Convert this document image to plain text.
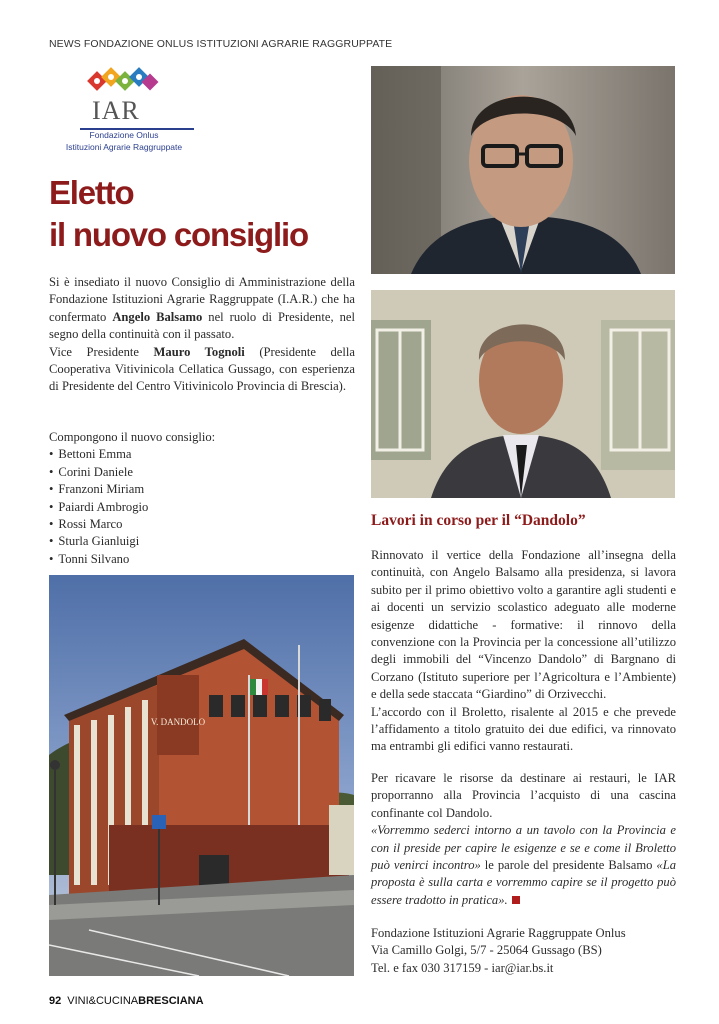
NEWS FONDAZIONE ONLUS ISTITUZIONI AGRARIE RAGGRUPPATE
IAR
Fondazione Onlus
Istituzioni Agrarie Raggruppate
Eletto
il nuovo consiglio

Si è insediato il nuovo Consiglio di Amministrazione della Fondazione Istituzioni Agrarie Raggruppate (I.A.R.) che ha confermato Angelo Balsamo nel ruolo di Presidente, nel segno della continuità con il passato.

Vice Presidente Mauro Tognoli (Presidente della Cooperativa Vitivinicola Cellatica Gussago, con esperienza di Presidente del Centro Vitivinicolo Provincia di Brescia).

Compongono il nuovo consiglio:
• Bettoni Emma
• Corini Daniele
• Franzoni Miriam
• Paiardi Ambrogio
• Rossi Marco
• Sturla Gianluigi
• Tonni Silvano
Lavori in corso per il “Dandolo”

Rinnovato il vertice della Fondazione all’insegna della continuità, con Angelo Balsamo alla presidenza, si lavora subito per il primo obiettivo volto a garantire agli studenti e ai docenti un servizio scolastico adeguato alle moderne esigenze didattiche - formative: il rinnovo della convenzione con la Provincia per la concessione all’utilizzo degli immobili del “Vincenzo Dandolo” di Bargnano di Corzano (Istituto superiore per l’Agricoltura e l’Ambiente) e della sede staccata “Giardino” di Orzivecchi.

L’accordo con il Broletto, risalente al 2015 e che prevede l’affidamento a titolo gratuito dei due edifici, va rinnovato ma entrambi gli edifici vanno restaurati.

Per ricavare le risorse da destinare ai restauri, le IAR proporranno alla Provincia l’acquisto di una cascina confinante col Dandolo.

«Vorremmo sederci intorno a un tavolo con la Provincia e con il preside per capire le esigenze e se e come il Broletto può venirci incontro» le parole del presidente Balsamo «La proposta è sulla carta e vorremmo capire se il progetto può essere tradotto in pratica».

Fondazione Istituzioni Agrarie Raggruppate Onlus
Via Camillo Golgi, 5/7 - 25064 Gussago (BS)
Tel. e fax 030 317159 - iar@iar.bs.it
V. DANDOLO
92 VINI&CUCINABRESCIANA
